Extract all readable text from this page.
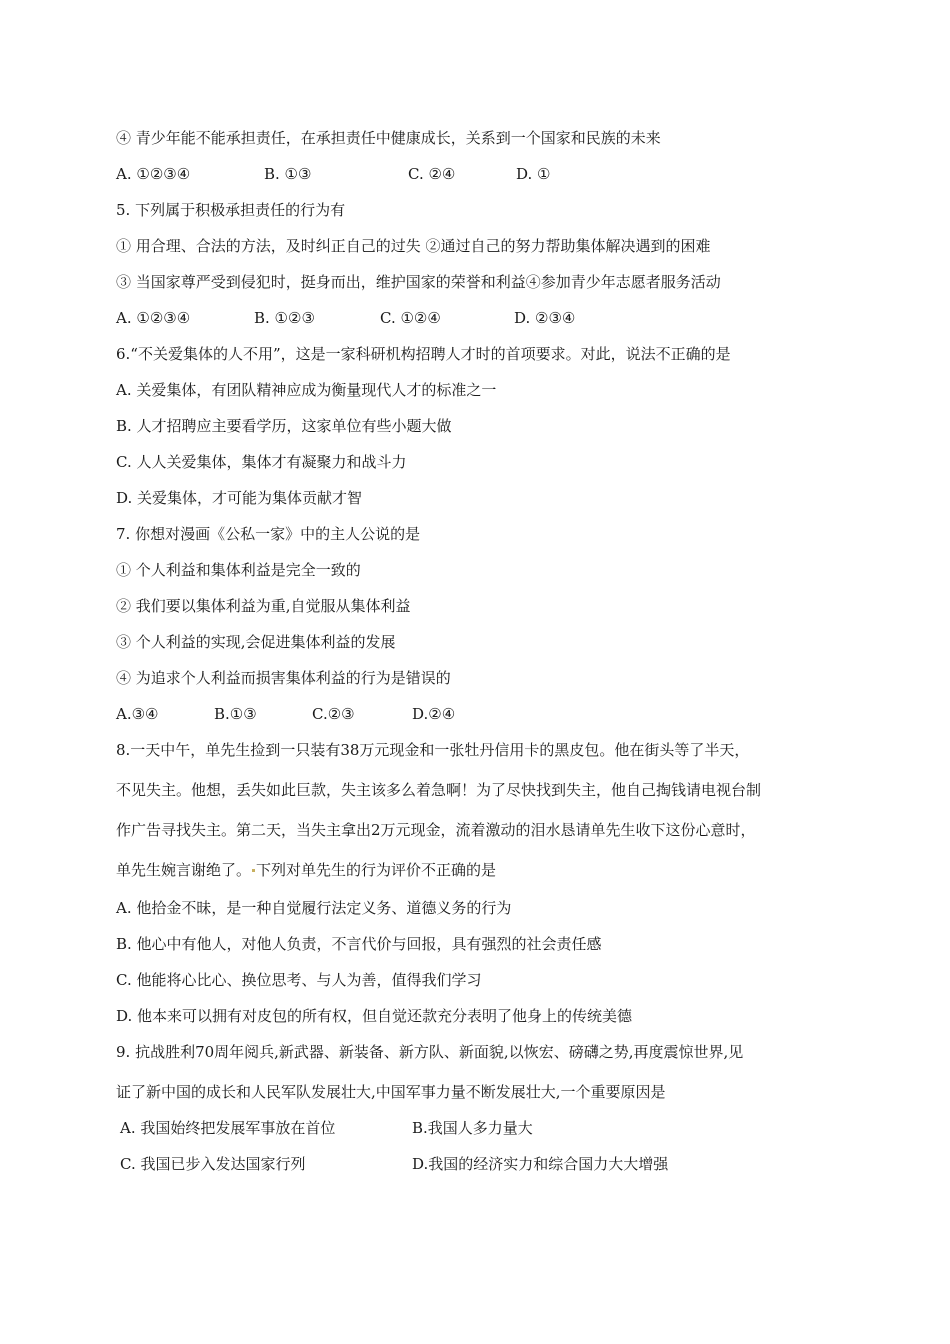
④ 青少年能不能承担责任，在承担责任中健康成长，关系到一个国家和民族的未来
A. ①②③④	B. ①③	C. ②④	D. ①
5. 下列属于积极承担责任的行为有
① 用合理、合法的方法，及时纠正自己的过失 ②通过自己的努力帮助集体解决遇到的困难
③ 当国家尊严受到侵犯时，挺身而出，维护国家的荣誉和利益④参加青少年志愿者服务活动
A. ①②③④	B. ①②③	C. ①②④	D. ②③④
6.“不关爱集体的人不用”，这是一家科研机构招聘人才时的首项要求。对此，说法不正确的是
A. 关爱集体，有团队精神应成为衡量现代人才的标准之一
B. 人才招聘应主要看学历，这家单位有些小题大做
C. 人人关爱集体，集体才有凝聚力和战斗力
D. 关爱集体，才可能为集体贡献才智
7. 你想对漫画《公私一家》中的主人公说的是
① 个人利益和集体利益是完全一致的
② 我们要以集体利益为重,自觉服从集体利益
③ 个人利益的实现,会促进集体利益的发展
④ 为追求个人利益而损害集体利益的行为是错误的
A.③④	B.①③	C.②③	D.②④
8.一天中午，单先生捡到一只装有38万元现金和一张牡丹信用卡的黑皮包。他在街头等了半天，
不见失主。他想，丢失如此巨款，失主该多么着急啊！为了尽快找到失主，他自己掏钱请电视台制
作广告寻找失主。第二天，当失主拿出2万元现金，流着激动的泪水恳请单先生收下这份心意时，
单先生婉言谢绝了。 下列对单先生的行为评价不正确的是
A. 他拾金不昧，是一种自觉履行法定义务、道德义务的行为
B. 他心中有他人，对他人负责，不言代价与回报，具有强烈的社会责任感
C. 他能将心比心、换位思考、与人为善，值得我们学习
D. 他本来可以拥有对皮包的所有权，但自觉还款充分表明了他身上的传统美德
9. 抗战胜利70周年阅兵,新武器、新装备、新方队、新面貌,以恢宏、磅礴之势,再度震惊世界,见
证了新中国的成长和人民军队发展壮大,中国军事力量不断发展壮大,一个重要原因是
A. 我国始终把发展军事放在首位	B.我国人多力量大
C. 我国已步入发达国家行列	D.我国的经济实力和综合国力大大增强
